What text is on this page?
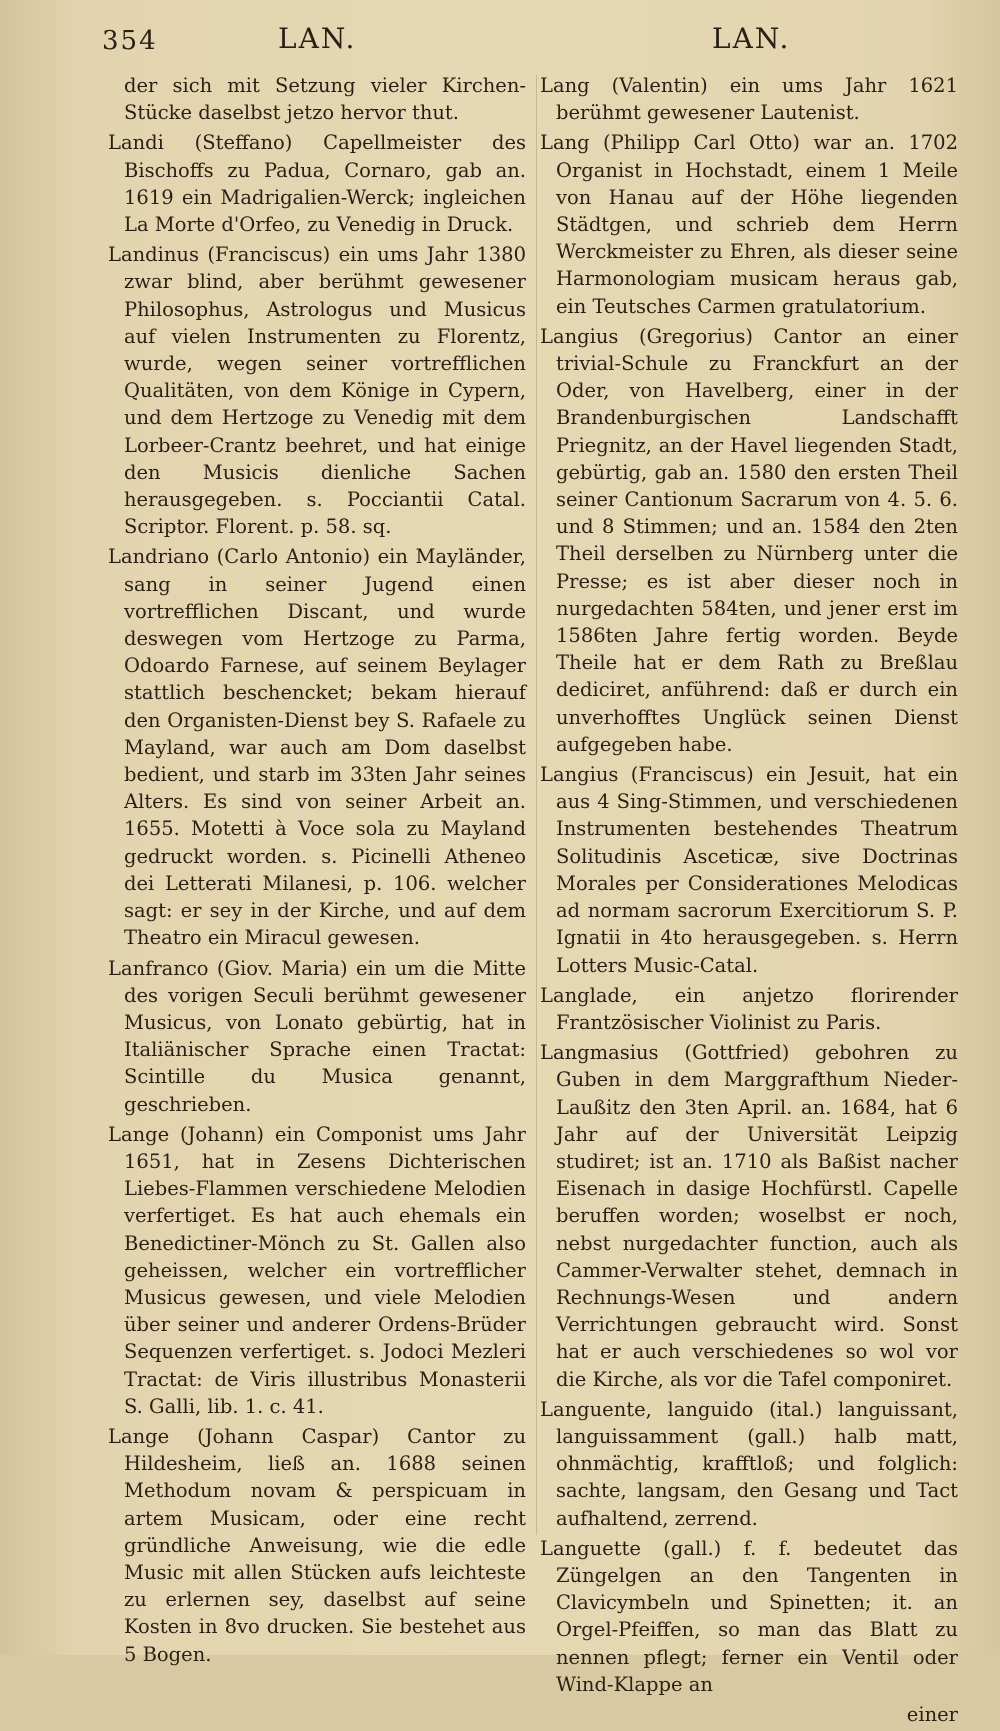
354	LAN.	LAN.

der sich mit Setzung vieler Kirchen-Stücke daselbst jetzo hervor thut.

Landi (Steffano) Capellmeister des Bischoffs zu Padua, Cornaro, gab an. 1619 ein Madrigalien-Werck; ingleichen La Morte d'Orfeo, zu Venedig in Druck.

Landinus (Franciscus) ein ums Jahr 1380 zwar blind, aber berühmt gewesener Philosophus, Astrologus und Musicus auf vielen Instrumenten zu Florentz, wurde, wegen seiner vortrefflichen Qualitäten, von dem Könige in Cypern, und dem Hertzoge zu Venedig mit dem Lorbeer-Crantz beehret, und hat einige den Musicis dienliche Sachen herausgegeben. s. Pocciantii Catal. Scriptor. Florent. p. 58. sq.

Landriano (Carlo Antonio) ein Mayländer, sang in seiner Jugend einen vortrefflichen Discant, und wurde deswegen vom Hertzoge zu Parma, Odoardo Farnese, auf seinem Beylager stattlich beschencket; bekam hierauf den Organisten-Dienst bey S. Rafaele zu Mayland, war auch am Dom daselbst bedient, und starb im 33ten Jahr seines Alters. Es sind von seiner Arbeit an. 1655. Motetti à Voce sola zu Mayland gedruckt worden. s. Picinelli Atheneo dei Letterati Milanesi, p. 106. welcher sagt: er sey in der Kirche, und auf dem Theatro ein Miracul gewesen.

Lanfranco (Giov. Maria) ein um die Mitte des vorigen Seculi berühmt gewesener Musicus, von Lonato gebürtig, hat in Italiänischer Sprache einen Tractat: Scintille du Musica genannt, geschrieben.

Lange (Johann) ein Componist ums Jahr 1651, hat in Zesens Dichterischen Liebes-Flammen verschiedene Melodien verfertiget. Es hat auch ehemals ein Benedictiner-Mönch zu St. Gallen also geheissen, welcher ein vortrefflicher Musicus gewesen, und viele Melodien über seiner und anderer Ordens-Brüder Sequenzen verfertiget. s. Jodoci Mezleri Tractat: de Viris illustribus Monasterii S. Galli, lib. 1. c. 41.

Lange (Johann Caspar) Cantor zu Hildesheim, ließ an. 1688 seinen Methodum novam & perspicuam in artem Musicam, oder eine recht gründliche Anweisung, wie die edle Music mit allen Stücken aufs leichteste zu erlernen sey, daselbst auf seine Kosten in 8vo drucken. Sie bestehet aus 5 Bogen.

Lang (Valentin) ein ums Jahr 1621 berühmt gewesener Lautenist.

Lang (Philipp Carl Otto) war an. 1702 Organist in Hochstadt, einem 1 Meile von Hanau auf der Höhe liegenden Städtgen, und schrieb dem Herrn Werckmeister zu Ehren, als dieser seine Harmonologiam musicam heraus gab, ein Teutsches Carmen gratulatorium.

Langius (Gregorius) Cantor an einer trivial-Schule zu Franckfurt an der Oder, von Havelberg, einer in der Brandenburgischen Landschafft Priegnitz, an der Havel liegenden Stadt, gebürtig, gab an. 1580 den ersten Theil seiner Cantionum Sacrarum von 4. 5. 6. und 8 Stimmen; und an. 1584 den 2ten Theil derselben zu Nürnberg unter die Presse; es ist aber dieser noch in nurgedachten 584ten, und jener erst im 1586ten Jahre fertig worden. Beyde Theile hat er dem Rath zu Breßlau dediciret, anführend: daß er durch ein unverhofftes Unglück seinen Dienst aufgegeben habe.

Langius (Franciscus) ein Jesuit, hat ein aus 4 Sing-Stimmen, und verschiedenen Instrumenten bestehendes Theatrum Solitudinis Asceticæ, sive Doctrinas Morales per Considerationes Melodicas ad normam sacrorum Exercitiorum S. P. Ignatii in 4to herausgegeben. s. Herrn Lotters Music-Catal.

Langlade, ein anjetzo florirender Frantzösischer Violinist zu Paris.

Langmasius (Gottfried) gebohren zu Guben in dem Marggrafthum Nieder-Laußitz den 3ten April. an. 1684, hat 6 Jahr auf der Universität Leipzig studiret; ist an. 1710 als Baßist nacher Eisenach in dasige Hochfürstl. Capelle beruffen worden; woselbst er noch, nebst nurgedachter function, auch als Cammer-Verwalter stehet, demnach in Rechnungs-Wesen und andern Verrichtungen gebraucht wird. Sonst hat er auch verschiedenes so wol vor die Kirche, als vor die Tafel componiret.

Languente, languido (ital.) languissant, languissamment (gall.) halb matt, ohnmächtig, krafftloß; und folglich: sachte, langsam, den Gesang und Tact aufhaltend, zerrend.

Languette (gall.) f. f. bedeutet das Züngelgen an den Tangenten in Clavicymbeln und Spinetten; it. an Orgel-Pfeiffen, so man das Blatt zu nennen pflegt; ferner ein Ventil oder Wind-Klappe an

einer
